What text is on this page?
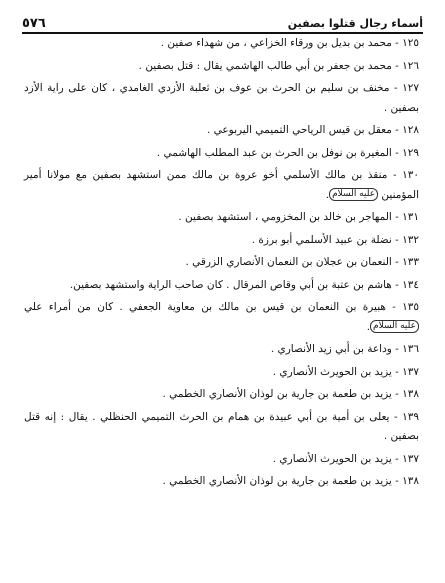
أسماء رجال قتلوا بصفين
٥٧٦

١٢٥ - محمد بن بديل بن ورقاء الخزاعي ، من شهداء صفين .

١٢٦ - محمد بن جعفر بن أبي طالب الهاشمي يقال : قتل بصفين .

١٢٧ - مخنف بن سليم بن الحرث بن عوف بن ثعلبة الأزدي الغامدي ، كان على راية الأزد بصفين .

١٢٨ - معقل بن قيس الرياحي التميمي اليربوعي .

١٢٩ - المغيرة بن نوفل بن الحرث بن عبد المطلب الهاشمي .

١٣٠ - منقذ بن مالك الأسلمي أخو عروة بن مالك ممن استشهد بصفين مع مولانا أمير المؤمنين عليه السلام.

١٣١ - المهاجر بن خالد بن المخزومي ، استشهد بصفين .

١٣٢ - نضلة بن عبيد الأسلمي أبو برزة .

١٣٣ - النعمان بن عجلان بن النعمان الأنصاري الزرقي .

١٣٤ - هاشم بن عتبة بن أبي وقاص المرقال . كان صاحب الراية واستشهد بصفين.

١٣٥ - هبيرة بن النعمان بن قيس بن مالك بن معاوية الجعفي . كان من أمراء علي عليه السلام.

١٣٦ - وداعة بن أبي زيد الأنصاري .

١٣٧ - يزيد بن الحويرث الأنصاري .

١٣٨ - يزيد بن طعمة بن جارية بن لوذان الأنصاري الخطمي .

١٣٩ - يعلى بن أمية بن أبي عبيدة بن همام بن الحرث التميمي الحنظلي . يقال : إنه قتل بصفين .

١٣٧ - يزيد بن الحويرث الأنصاري .

١٣٨ - يزيد بن طعمة بن جارية بن لوذان الأنصاري الخطمي .
